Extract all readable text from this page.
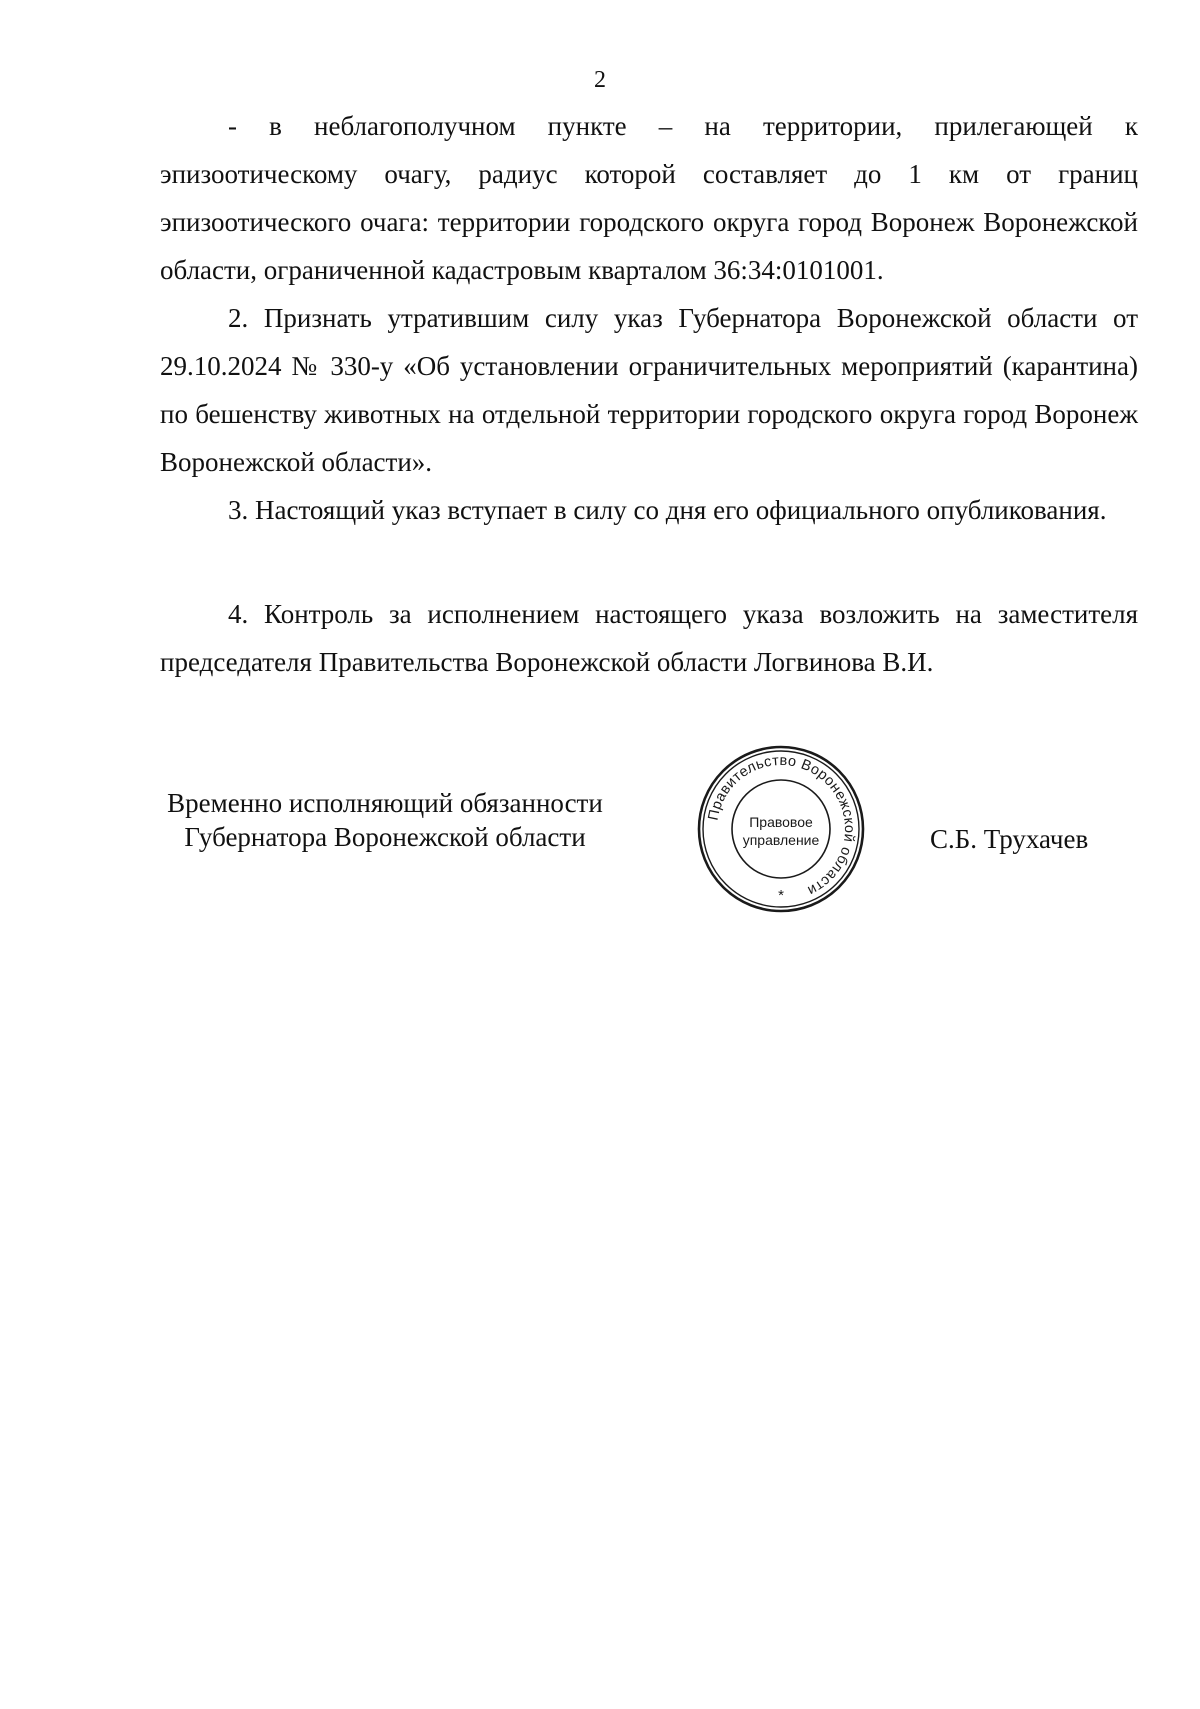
2

- в неблагополучном пункте – на территории, прилегающей к эпизоотическому очагу, радиус которой составляет до 1 км от границ эпизоотического очага: территории городского округа город Воронеж Воронежской области, ограниченной кадастровым кварталом 36:34:0101001.

2. Признать утратившим силу указ Губернатора Воронежской области от 29.10.2024 № 330-у «Об установлении ограничительных мероприятий (карантина) по бешенству животных на отдельной территории городского округа город Воронеж Воронежской области».

3. Настоящий указ вступает в силу со дня его официального опубликования.

4. Контроль за исполнением настоящего указа возложить на заместителя председателя Правительства Воронежской области Логвинова В.И.

Временно исполняющий обязанности
Губернатора Воронежской области
Правительство Воронежской области
Правовое
управление
*
С.Б. Трухачев
